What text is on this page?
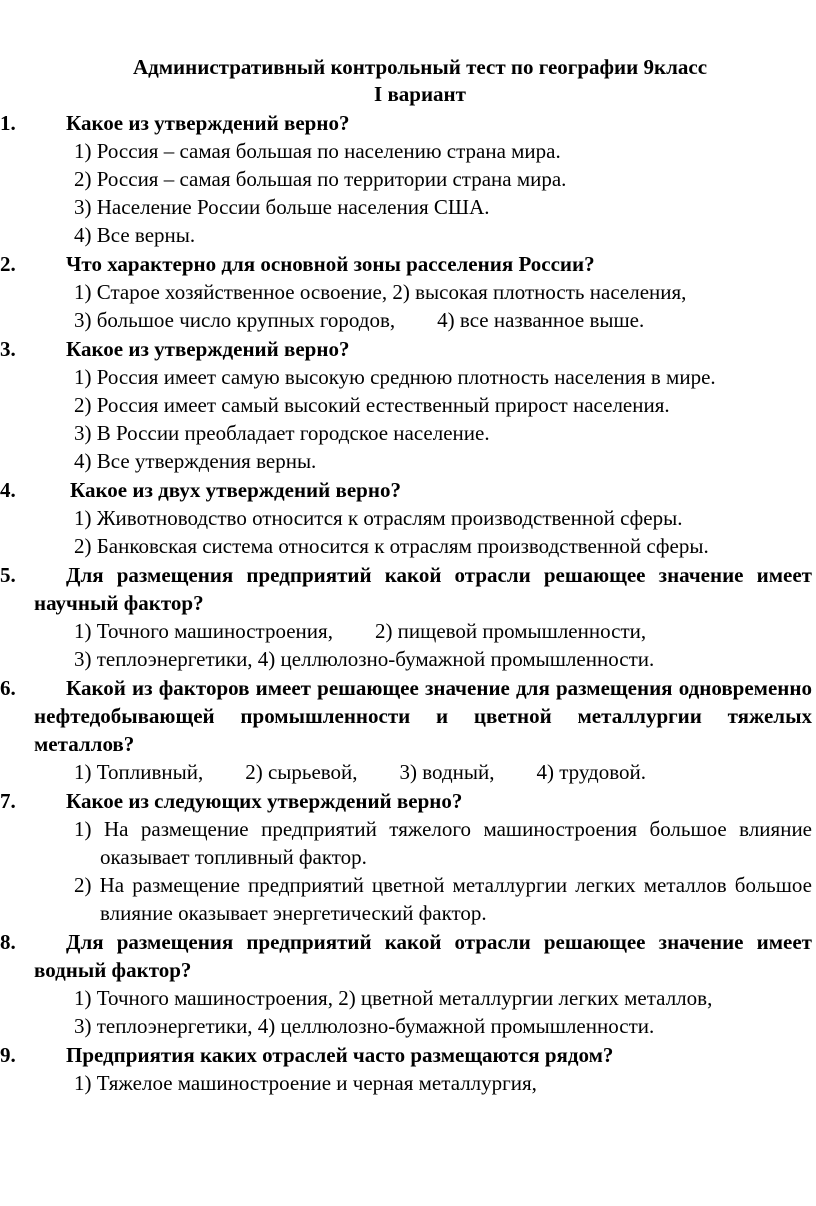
Административный контрольный тест по географии 9класс
I вариант
1.	Какое из утверждений верно?
1) Россия – самая большая по населению страна мира.
2) Россия – самая большая по территории страна мира.
3) Население России больше населения США.
4) Все верны.
2.	Что характерно для основной зоны расселения России?
1) Старое хозяйственное освоение, 2) высокая плотность населения,
3) большое число крупных городов,        4) все названное выше.
3.	Какое из утверждений верно?
1) Россия имеет самую высокую среднюю плотность населения в мире.
2) Россия имеет самый высокий естественный прирост населения.
3) В России преобладает городское население.
4) Все утверждения верны.
4.	Какое из двух утверждений верно?
1) Животноводство относится к отраслям производственной сферы.
2) Банковская система относится к отраслям производственной сферы.
5.	Для размещения предприятий какой отрасли решающее значение имеет научный фактор?
1) Точного машиностроения,        2) пищевой промышленности,
3) теплоэнергетики, 4) целлюлозно-бумажной промышленности.
6.	Какой из факторов имеет решающее значение для размещения одновременно нефтедобывающей промышленности и цветной металлургии тяжелых металлов?
1) Топливный,        2) сырьевой,        3) водный,        4) трудовой.
7.	Какое из следующих утверждений верно?
1) На размещение предприятий тяжелого машиностроения большое влияние оказывает топливный фактор.
2) На размещение предприятий цветной металлургии легких металлов большое влияние оказывает энергетический фактор.
8.	Для размещения предприятий какой отрасли решающее значение имеет водный фактор?
1) Точного машиностроения, 2) цветной металлургии легких металлов,
3) теплоэнергетики, 4) целлюлозно-бумажной промышленности.
9.	Предприятия каких отраслей часто размещаются рядом?
1) Тяжелое машиностроение и черная металлургия,
